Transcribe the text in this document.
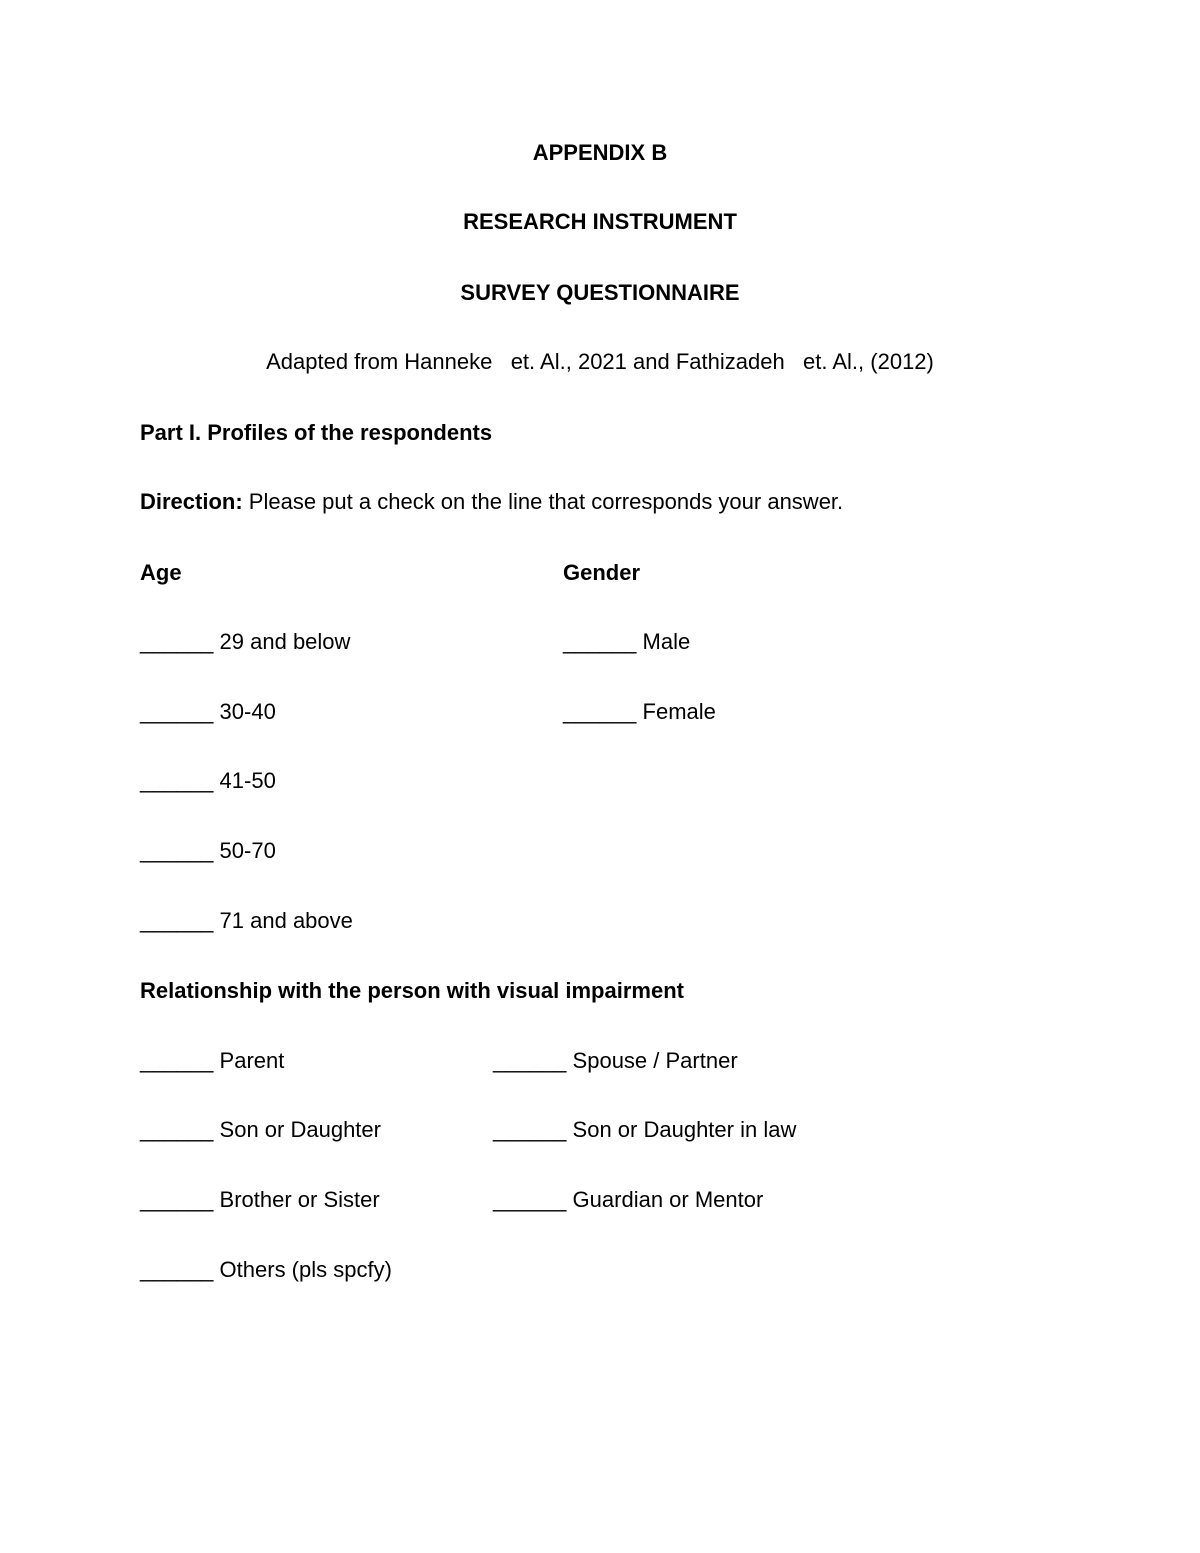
APPENDIX B
RESEARCH INSTRUMENT
SURVEY QUESTIONNAIRE
Adapted from Hanneke   et. Al., 2021 and Fathizadeh   et. Al., (2012)
Part I. Profiles of the respondents
Direction: Please put a check on the line that corresponds your answer.
Age	Gender
______ 29 and below
______ 30-40
______ 41-50
______ 50-70
______ 71 and above
______ Male
______ Female
Relationship with the person with visual impairment
______ Parent
______ Son or Daughter
______ Brother or Sister
______ Others (pls spcfy)
______ Spouse / Partner
______ Son or Daughter in law
______ Guardian or Mentor
